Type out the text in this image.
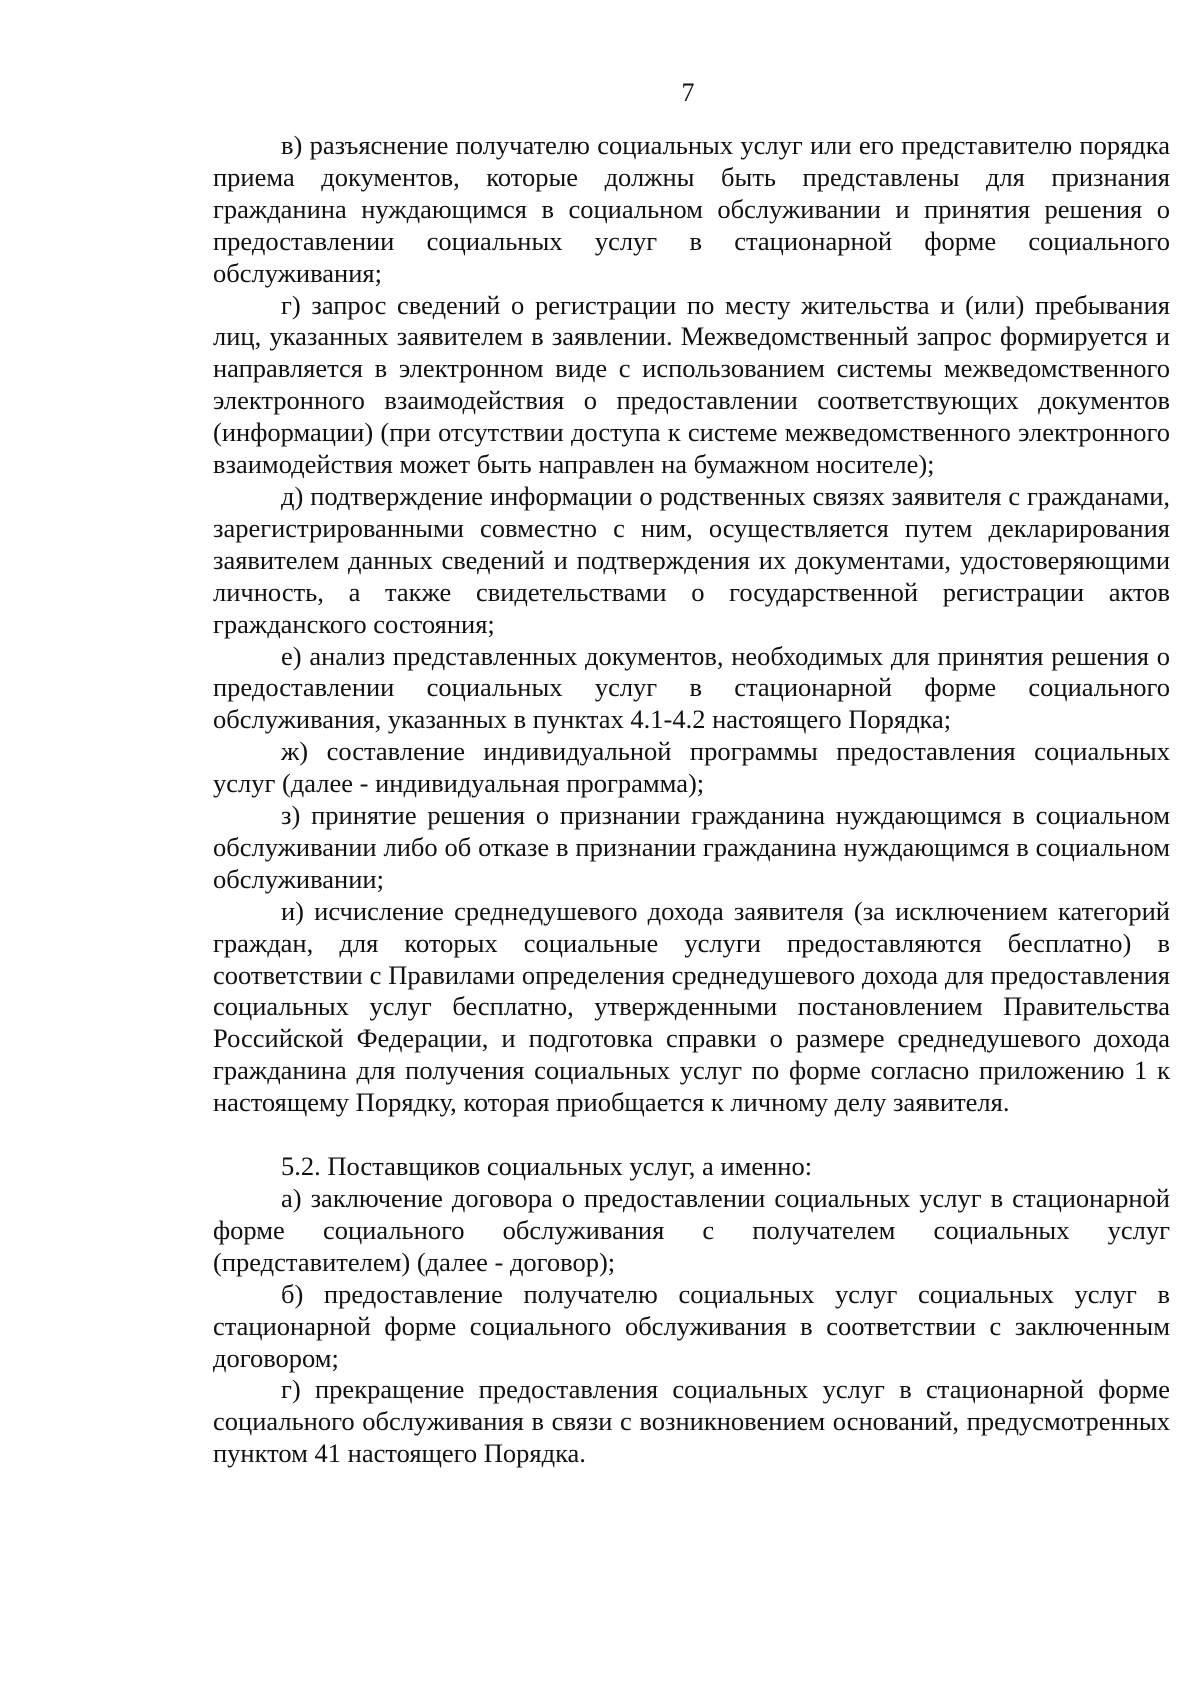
7

в) разъяснение получателю социальных услуг или его представителю порядка приема документов, которые должны быть представлены для признания гражданина нуждающимся в социальном обслуживании и принятия решения о предоставлении социальных услуг в стационарной форме социального обслуживания;

г) запрос сведений о регистрации по месту жительства и (или) пребывания лиц, указанных заявителем в заявлении. Межведомственный запрос формируется и направляется в электронном виде с использованием системы межведомственного электронного взаимодействия о предоставлении соответствующих документов (информации) (при отсутствии доступа к системе межведомственного электронного взаимодействия может быть направлен на бумажном носителе);

д) подтверждение информации о родственных связях заявителя с гражданами, зарегистрированными совместно с ним, осуществляется путем декларирования заявителем данных сведений и подтверждения их документами, удостоверяющими личность, а также свидетельствами о государственной регистрации актов гражданского состояния;

е) анализ представленных документов, необходимых для принятия решения о предоставлении социальных услуг в стационарной форме социального обслуживания, указанных в пунктах 4.1-4.2 настоящего Порядка;

ж) составление индивидуальной программы предоставления социальных услуг (далее - индивидуальная программа);

з) принятие решения о признании гражданина нуждающимся в социальном обслуживании либо об отказе в признании гражданина нуждающимся в социальном обслуживании;

и) исчисление среднедушевого дохода заявителя (за исключением категорий граждан, для которых социальные услуги предоставляются бесплатно) в соответствии с Правилами определения среднедушевого дохода для предоставления социальных услуг бесплатно, утвержденными постановлением Правительства Российской Федерации, и подготовка справки о размере среднедушевого дохода гражданина для получения социальных услуг по форме согласно приложению 1 к настоящему Порядку, которая приобщается к личному делу заявителя.

5.2. Поставщиков социальных услуг, а именно:

а) заключение договора о предоставлении социальных услуг в стационарной форме социального обслуживания с получателем социальных услуг (представителем) (далее - договор);

б) предоставление получателю социальных услуг социальных услуг в стационарной форме социального обслуживания в соответствии с заключенным договором;

г) прекращение предоставления социальных услуг в стационарной форме социального обслуживания в связи с возникновением оснований, предусмотренных пунктом 41 настоящего Порядка.
